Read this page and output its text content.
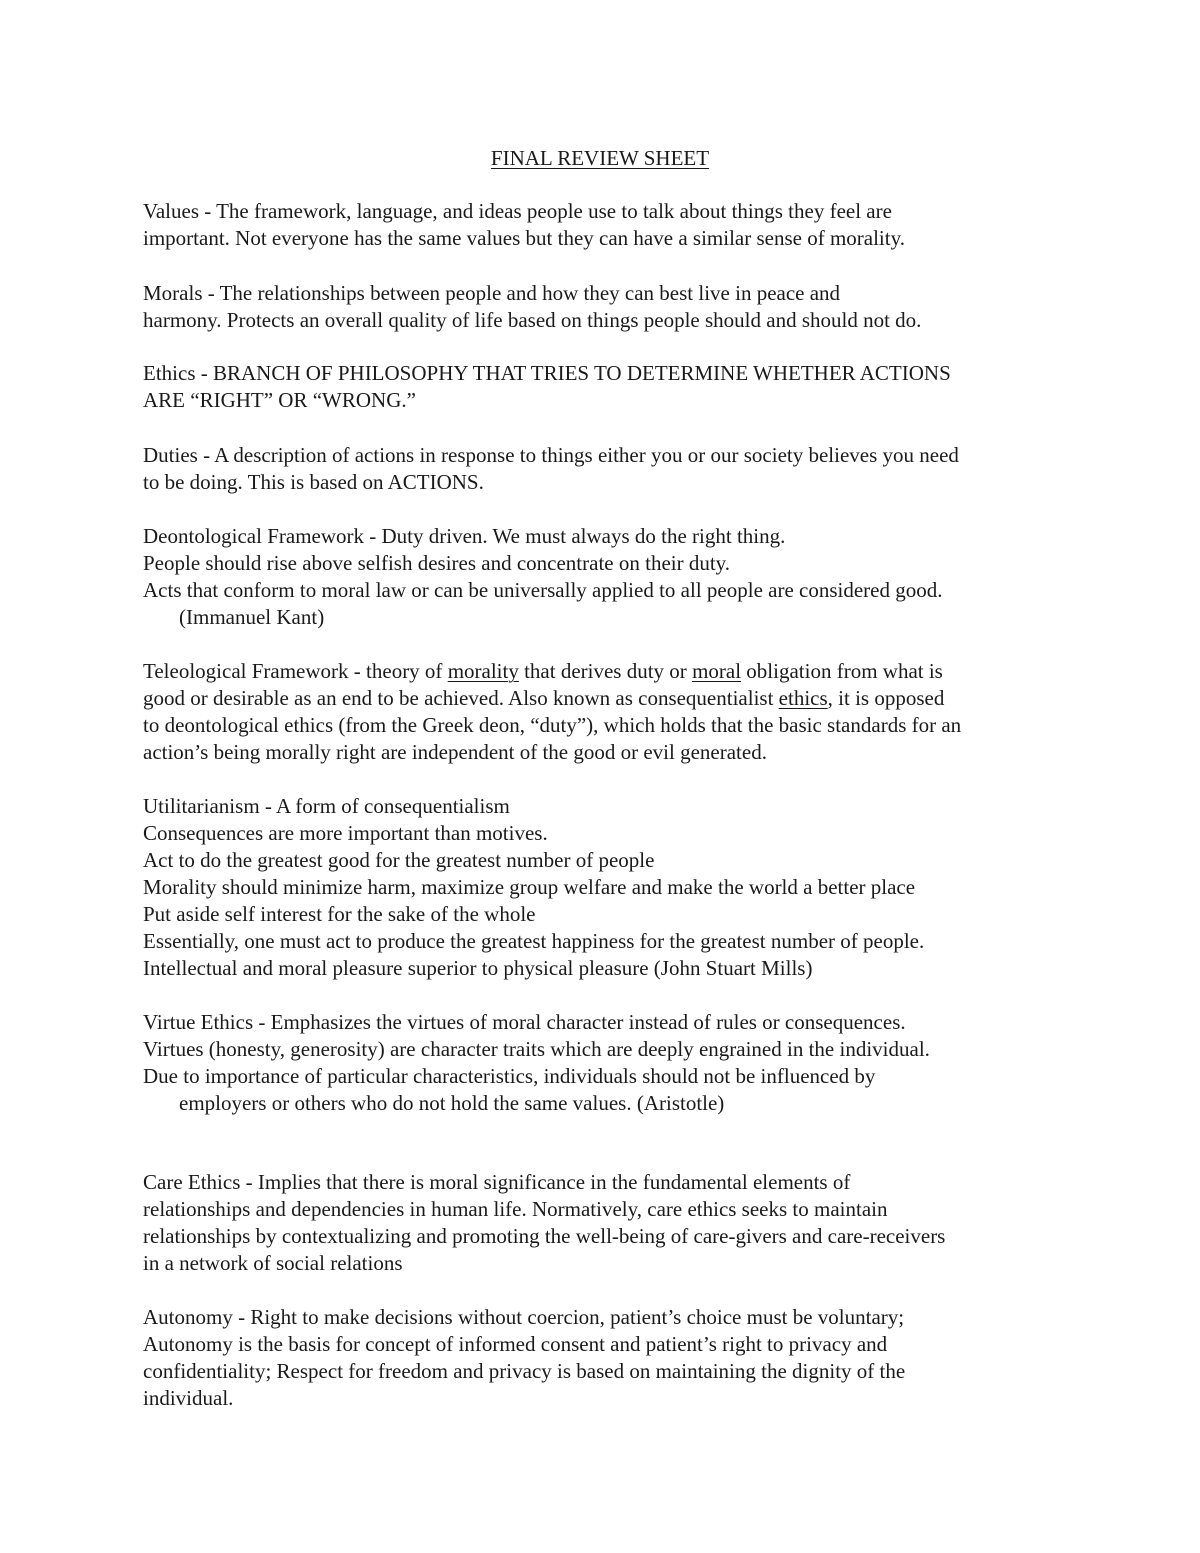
FINAL REVIEW SHEET
Values - The framework, language, and ideas people use to talk about things they feel are
important. Not everyone has the same values but they can have a similar sense of morality.
Morals - The relationships between people and how they can best live in peace and
harmony. Protects an overall quality of life based on things people should and should not do.
Ethics - BRANCH OF PHILOSOPHY THAT TRIES TO DETERMINE WHETHER ACTIONS
ARE “RIGHT” OR “WRONG.”
Duties - A description of actions in response to things either you or our society believes you need
to be doing. This is based on ACTIONS.
Deontological Framework - Duty driven. We must always do the right thing.
People should rise above selfish desires and concentrate on their duty.
Acts that conform to moral law or can be universally applied to all people are considered good.
(Immanuel Kant)
Teleological Framework - theory of morality that derives duty or moral obligation from what is
good or desirable as an end to be achieved. Also known as consequentialist ethics, it is opposed
to deontological ethics (from the Greek deon, “duty”), which holds that the basic standards for an
action’s being morally right are independent of the good or evil generated.
Utilitarianism - A form of consequentialism
Consequences are more important than motives.
Act to do the greatest good for the greatest number of people
Morality should minimize harm, maximize group welfare and make the world a better place
Put aside self interest for the sake of the whole
Essentially, one must act to produce the greatest happiness for the greatest number of people.
Intellectual and moral pleasure superior to physical pleasure (John Stuart Mills)
Virtue Ethics - Emphasizes the virtues of moral character instead of rules or consequences.
Virtues (honesty, generosity) are character traits which are deeply engrained in the individual.
Due to importance of particular characteristics, individuals should not be influenced by
employers or others who do not hold the same values. (Aristotle)
Care Ethics - Implies that there is moral significance in the fundamental elements of
relationships and dependencies in human life. Normatively, care ethics seeks to maintain
relationships by contextualizing and promoting the well-being of care-givers and care-receivers
in a network of social relations
Autonomy - Right to make decisions without coercion, patient’s choice must be voluntary;
Autonomy is the basis for concept of informed consent and patient’s right to privacy and
confidentiality; Respect for freedom and privacy is based on maintaining the dignity of the
individual.
